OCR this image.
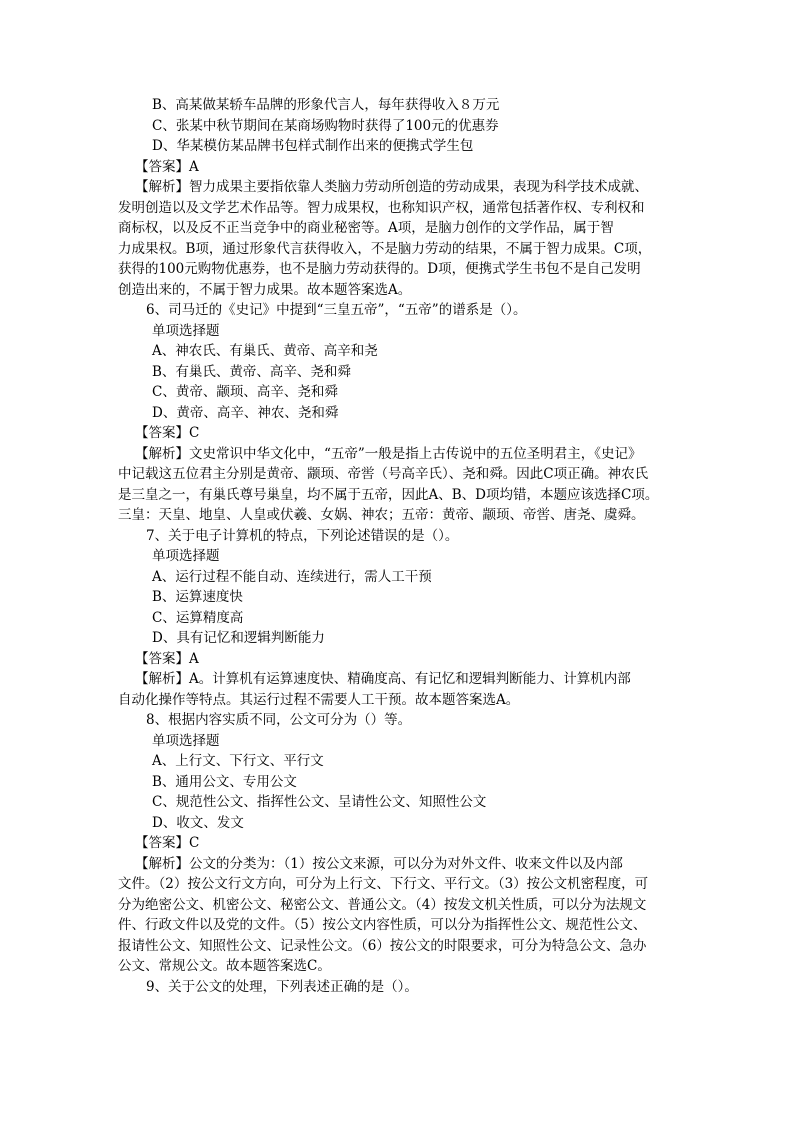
B、高某做某轿车品牌的形象代言人，每年获得收入８万元
C、张某中秋节期间在某商场购物时获得了100元的优惠券
D、华某模仿某品牌书包样式制作出来的便携式学生包
【答案】A
【解析】智力成果主要指依靠人类脑力劳动所创造的劳动成果，表现为科学技术成就、
发明创造以及文学艺术作品等。智力成果权，也称知识产权，通常包括著作权、专利权和
商标权，以及反不正当竞争中的商业秘密等。A项，是脑力创作的文学作品，属于智
力成果权。B项，通过形象代言获得收入，不是脑力劳动的结果，不属于智力成果。C项，
获得的100元购物优惠券，也不是脑力劳动获得的。D项，便携式学生书包不是自己发明
创造出来的，不属于智力成果。故本题答案选A。
6、司马迁的《史记》中提到“三皇五帝”，“五帝”的谱系是（）。
单项选择题
A、神农氏、有巢氏、黄帝、高辛和尧
B、有巢氏、黄帝、高辛、尧和舜
C、黄帝、颛顼、高辛、尧和舜
D、黄帝、高辛、神农、尧和舜
【答案】C
【解析】文史常识中华文化中，“五帝”一般是指上古传说中的五位圣明君主，《史记》
中记载这五位君主分别是黄帝、颛顼、帝喾（号高辛氏）、尧和舜。因此C项正确。神农氏
是三皇之一，有巢氏尊号巢皇，均不属于五帝，因此A、B、D项均错，本题应该选择C项。
三皇：天皇、地皇、人皇或伏羲、女娲、神农；五帝：黄帝、颛顼、帝喾、唐尧、虞舜。
7、关于电子计算机的特点，下列论述错误的是（）。
单项选择题
A、运行过程不能自动、连续进行，需人工干预
B、运算速度快
C、运算精度高
D、具有记忆和逻辑判断能力
【答案】A
【解析】A。计算机有运算速度快、精确度高、有记忆和逻辑判断能力、计算机内部
自动化操作等特点。其运行过程不需要人工干预。故本题答案选A。
8、根据内容实质不同，公文可分为（）等。
单项选择题
A、上行文、下行文、平行文
B、通用公文、专用公文
C、规范性公文、指挥性公文、呈请性公文、知照性公文
D、收文、发文
【答案】C
【解析】公文的分类为：（1）按公文来源，可以分为对外文件、收来文件以及内部
文件。（2）按公文行文方向，可分为上行文、下行文、平行文。（3）按公文机密程度，可
分为绝密公文、机密公文、秘密公文、普通公文。（4）按发文机关性质，可以分为法规文
件、行政文件以及党的文件。（5）按公文内容性质，可以分为指挥性公文、规范性公文、
报请性公文、知照性公文、记录性公文。（6）按公文的时限要求，可分为特急公文、急办
公文、常规公文。故本题答案选C。
9、关于公文的处理，下列表述正确的是（）。
